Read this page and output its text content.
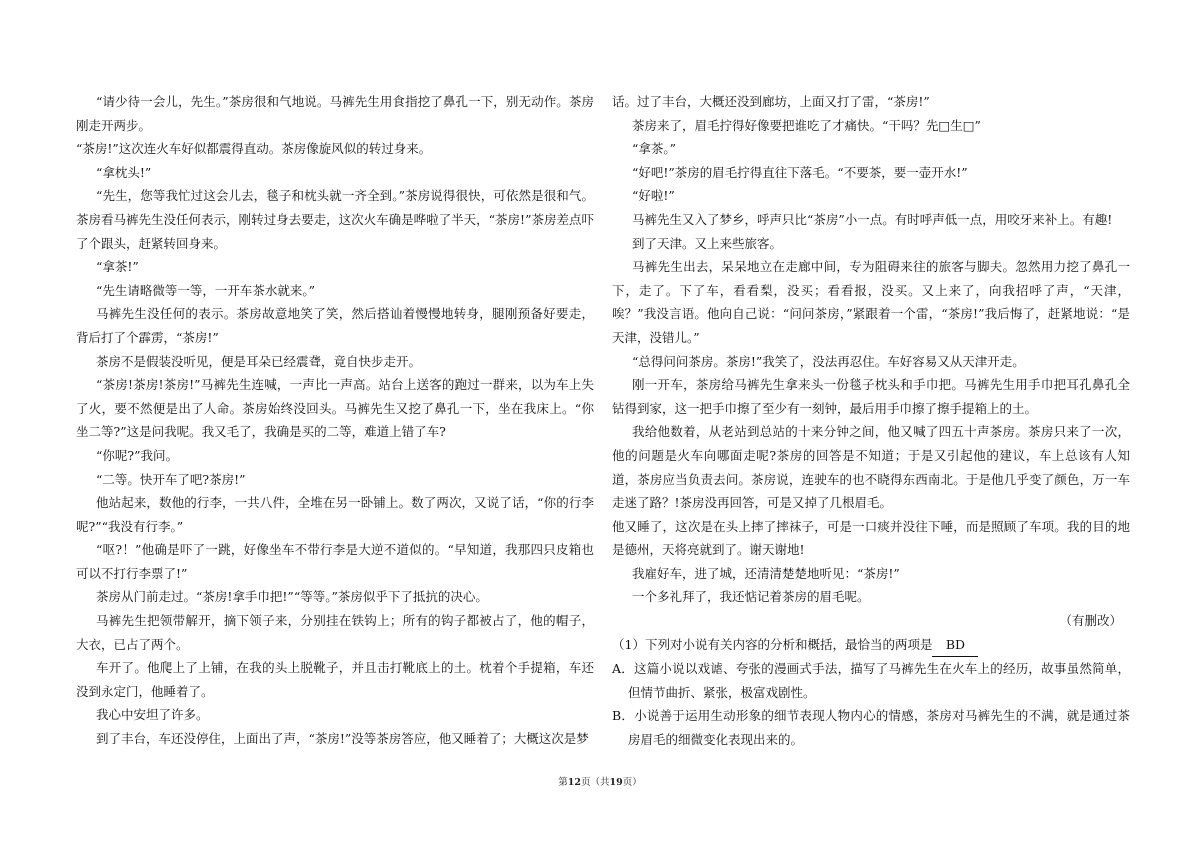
“请少待一会儿，先生。”茶房很和气地说。马裤先生用食指挖了鼻孔一下，别无动作。茶房刚走开两步。

“茶房!”这次连火车好似都震得直动。茶房像旋风似的转过身来。

“拿枕头!”

“先生，您等我忙过这会儿去，毯子和枕头就一齐全到。”茶房说得很快，可依然是很和气。茶房看马裤先生没任何表示，刚转过身去要走，这次火车确是哗啦了半天，“茶房!”茶房差点吓了个跟头，赶紧转回身来。

“拿茶!”

“先生请略微等一等，一开车茶水就来。”

马裤先生没任何的表示。茶房故意地笑了笑，然后搭讪着慢慢地转身，腿刚预备好要走，背后打了个霹雳，“茶房!”

茶房不是假装没听见，便是耳朵已经震聋，竟自快步走开。

“茶房!茶房!茶房!”马裤先生连喊，一声比一声高。站台上送客的跑过一群来，以为车上失了火，要不然便是出了人命。茶房始终没回头。马裤先生又挖了鼻孔一下，坐在我床上。“你坐二等?”这是问我呢。我又毛了，我确是买的二等，难道上错了车?

“你呢?”我问。

“二等。快开车了吧?茶房!”

他站起来，数他的行李，一共八件，全堆在另一卧铺上。数了两次，又说了话，“你的行李呢?”“我没有行李。”

“呕?！”他确是吓了一跳，好像坐车不带行李是大逆不道似的。“早知道，我那四只皮箱也可以不打行李票了!”

茶房从门前走过。“茶房!拿手巾把!”“等等。”茶房似乎下了抵抗的决心。

马裤先生把领带解开，摘下领子来，分别挂在铁钩上；所有的钩子都被占了，他的帽子，大衣，已占了两个。

车开了。他爬上了上铺，在我的头上脱靴子，并且击打靴底上的土。枕着个手提箱，车还没到永定门，他睡着了。

我心中安坦了许多。

到了丰台，车还没停住，上面出了声，“茶房!”没等茶房答应，他又睡着了；大概这次是梦

话。过了丰台，大概还没到廊坊，上面又打了雷，“茶房!”

茶房来了，眉毛拧得好像要把谁吃了才痛快。“干吗？先□生□”

“拿茶。”

“好吧!”茶房的眉毛拧得直往下落毛。“不要茶，要一壶开水!”

“好啦!”

马裤先生又入了梦乡，呼声只比“茶房”小一点。有时呼声低一点，用咬牙来补上。有趣!

到了天津。又上来些旅客。

马裤先生出去，呆呆地立在走廊中间，专为阻碍来往的旅客与脚夫。忽然用力挖了鼻孔一下，走了。下了车，看看梨，没买；看看报，没买。又上来了，向我招呼了声，“天津，唉？”我没言语。他向自己说：“问问茶房，”紧跟着一个雷，“茶房!”我后悔了，赶紧地说：“是天津，没错儿。”

“总得问问茶房。茶房!”我笑了，没法再忍住。车好容易又从天津开走。

刚一开车，茶房给马裤先生拿来头一份毯子枕头和手巾把。马裤先生用手巾把耳孔鼻孔全钻得到家，这一把手巾擦了至少有一刻钟，最后用手巾擦了擦手提箱上的土。

我给他数着，从老站到总站的十来分钟之间，他又喊了四五十声茶房。茶房只来了一次，他的问题是火车向哪面走呢?茶房的回答是不知道；于是又引起他的建议，车上总该有人知道，茶房应当负责去问。茶房说，连驶车的也不晓得东西南北。于是他几乎变了颜色，万一车走迷了路？!茶房没再回答，可是又掉了几根眉毛。

他又睡了，这次是在头上摔了摔袜子，可是一口痰并没往下唾，而是照顾了车项。我的目的地是德州，天将亮就到了。谢天谢地!

我雇好车，进了城，还清清楚楚地听见：“茶房!”

一个多礼拜了，我还惦记着茶房的眉毛呢。

（有删改）

（1）下列对小说有关内容的分析和概括，最恰当的两项是 BD

A．这篇小说以戏谑、夸张的漫画式手法，描写了马裤先生在火车上的经历，故事虽然简单，但情节曲折、紧张，极富戏剧性。

B．小说善于运用生动形象的细节表现人物内心的情感，茶房对马裤先生的不满，就是通过茶房眉毛的细微变化表现出来的。

第12页（共19页）
